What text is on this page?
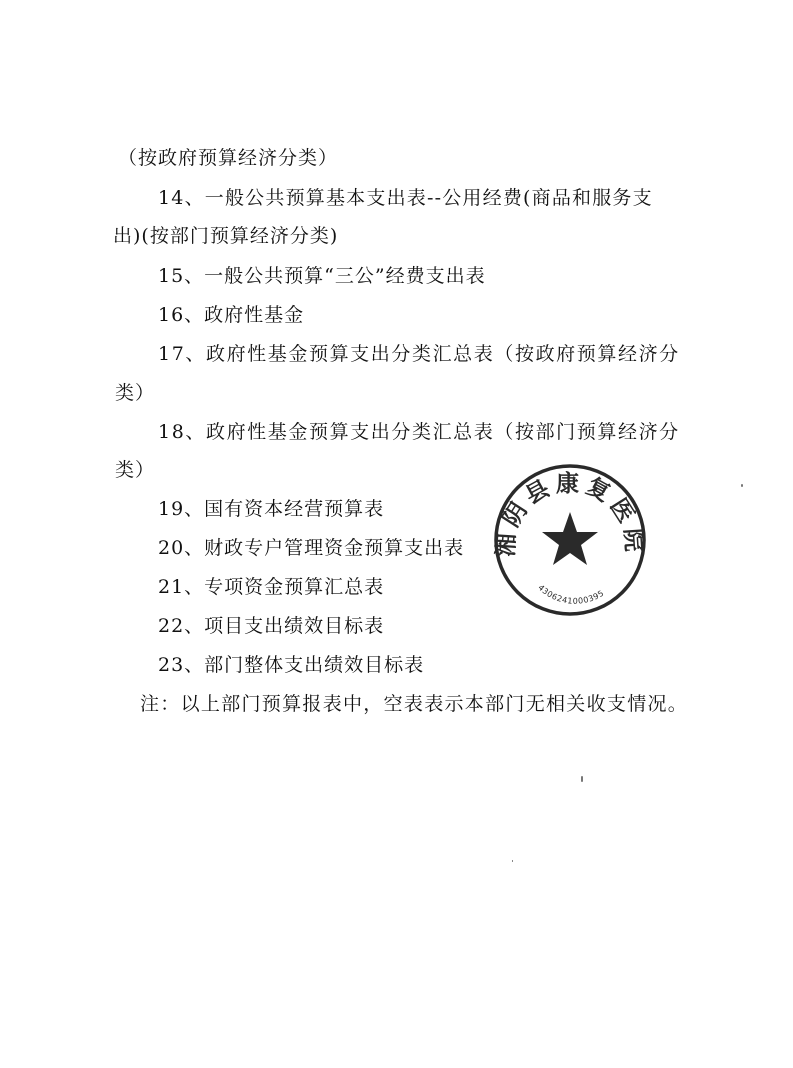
（按政府预算经济分类）
14、一般公共预算基本支出表--公用经费(商品和服务支
出)(按部门预算经济分类)
15、一般公共预算“三公”经费支出表
16、政府性基金
17、政府性基金预算支出分类汇总表（按政府预算经济分
类）
18、政府性基金预算支出分类汇总表（按部门预算经济分
类）
19、国有资本经营预算表
20、财政专户管理资金预算支出表
21、专项资金预算汇总表
22、项目支出绩效目标表
23、部门整体支出绩效目标表
注：以上部门预算报表中，空表表示本部门无相关收支情况。
湘阴县康复医院
4306241000395
